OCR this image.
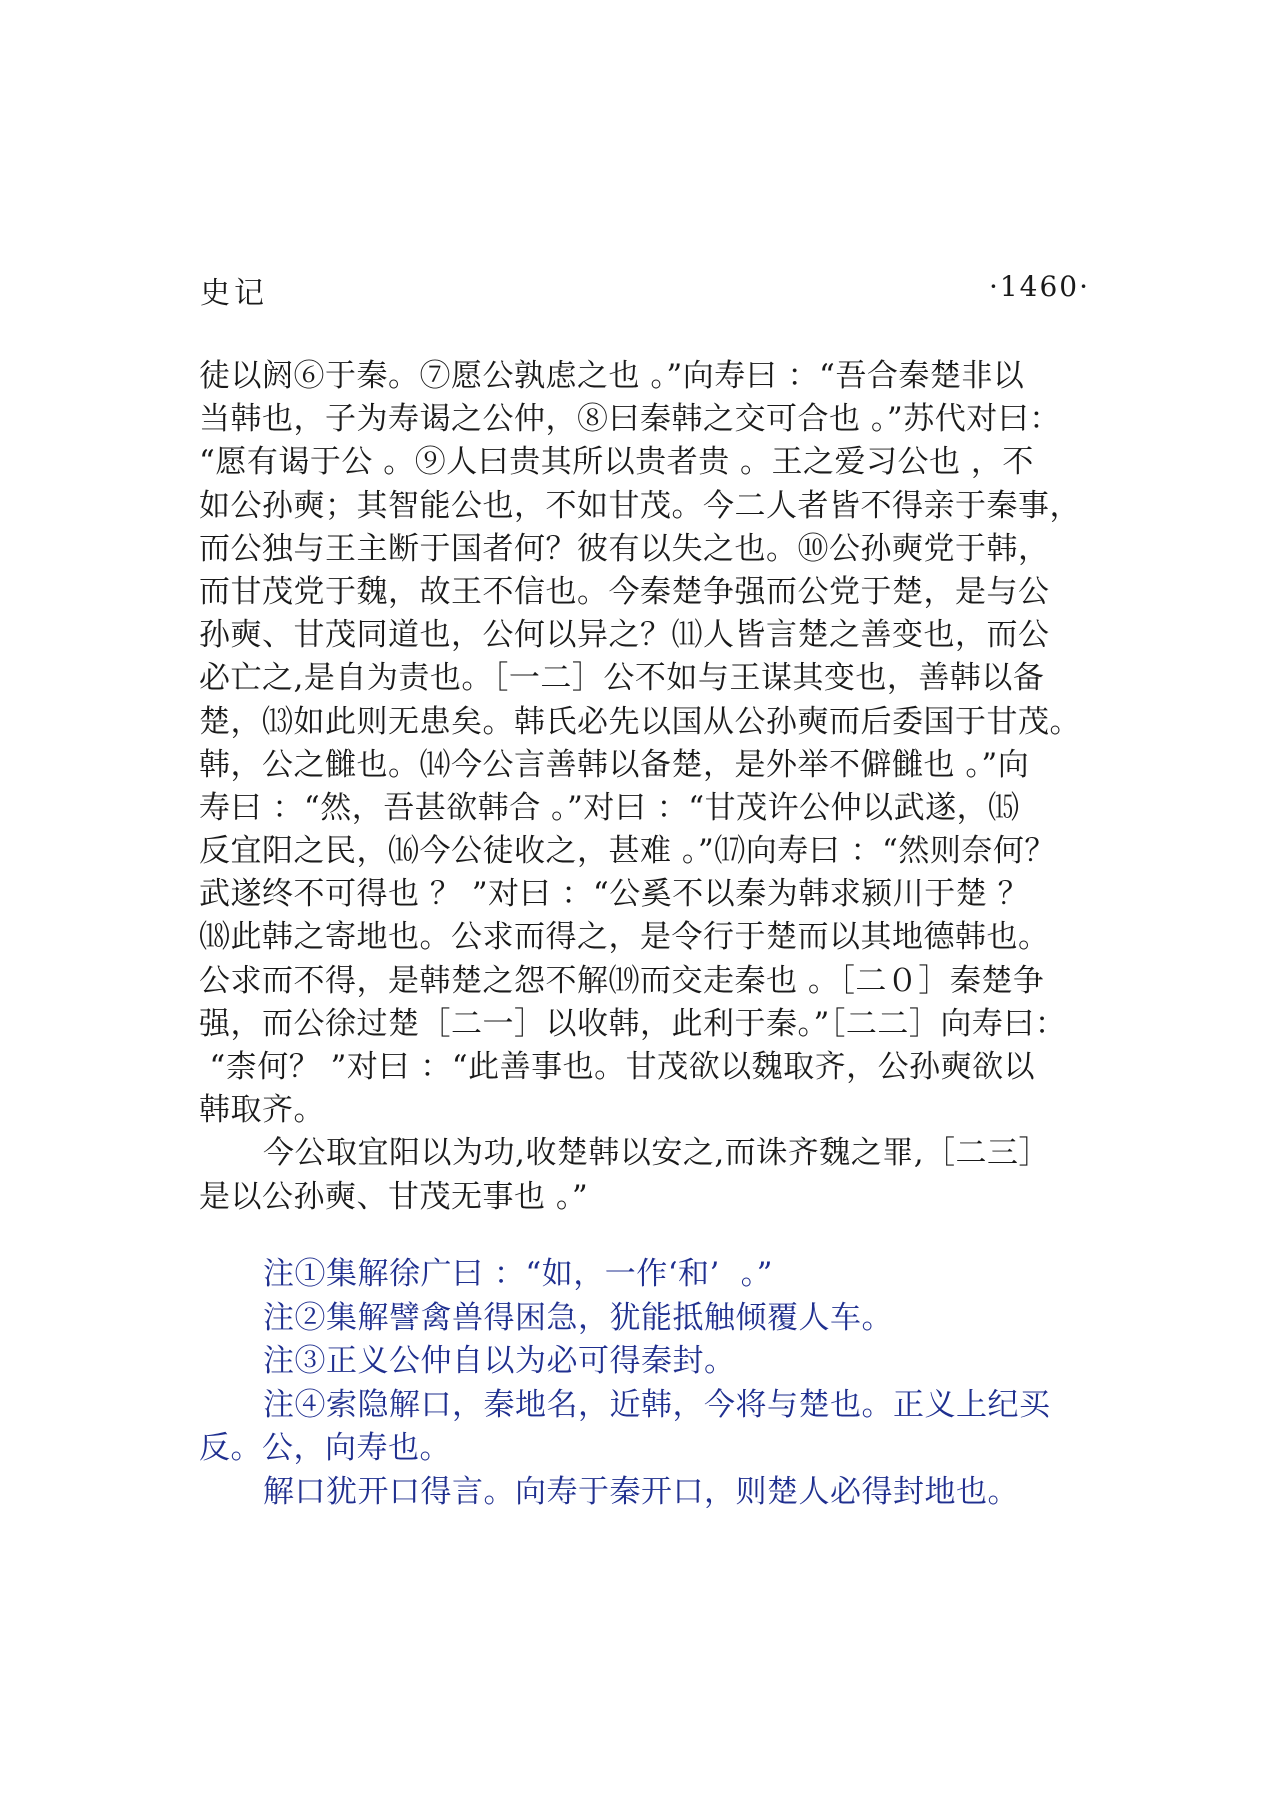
史记	·1460·
徒以阏⑥于秦。⑦愿公孰虑之也 。”向寿曰 ：“吾合秦楚非以
当韩也，子为寿谒之公仲，⑧曰秦韩之交可合也 。”苏代对曰：
“愿有谒于公 。⑨人曰贵其所以贵者贵 。王之爱习公也 ，不
如公孙奭；其智能公也，不如甘茂。今二人者皆不得亲于秦事，
而公独与王主断于国者何？彼有以失之也。⑩公孙奭党于韩，
而甘茂党于魏，故王不信也。今秦楚争强而公党于楚，是与公
孙奭、甘茂同道也，公何以异之？⑾人皆言楚之善变也，而公
必亡之,是自为责也。［一二］公不如与王谋其变也，善韩以备
楚，⒀如此则无患矣。韩氏必先以国从公孙奭而后委国于甘茂。
韩，公之雠也。⒁今公言善韩以备楚，是外举不僻雠也 。”向
寿曰 ：“然，吾甚欲韩合 。”对曰 ：“甘茂许公仲以武遂，⒂
反宜阳之民，⒃今公徒收之，甚难 。”⒄向寿曰 ：“然则奈何？
武遂终不可得也 ？ ”对曰 ：“公奚不以秦为韩求颍川于楚 ？
⒅此韩之寄地也。公求而得之，是令行于楚而以其地德韩也。
公求而不得，是韩楚之怨不解⒆而交走秦也 。［二０］秦楚争
强，而公徐过楚［二一］以收韩，此利于秦。”［二二］向寿曰：
“柰何？ ”对曰 ：“此善事也。甘茂欲以魏取齐，公孙奭欲以
韩取齐。
今公取宜阳以为功,收楚韩以安之,而诛齐魏之罪,［二三］
是以公孙奭、甘茂无事也 。”
注①集解徐广曰 ：“如，一作‘和’  。”
注②集解譬禽兽得困急，犹能抵触倾覆人车。
注③正义公仲自以为必可得秦封。
注④索隐解口，秦地名，近韩，今将与楚也。正义上纪买
反。公，向寿也。
解口犹开口得言。向寿于秦开口，则楚人必得封地也。
